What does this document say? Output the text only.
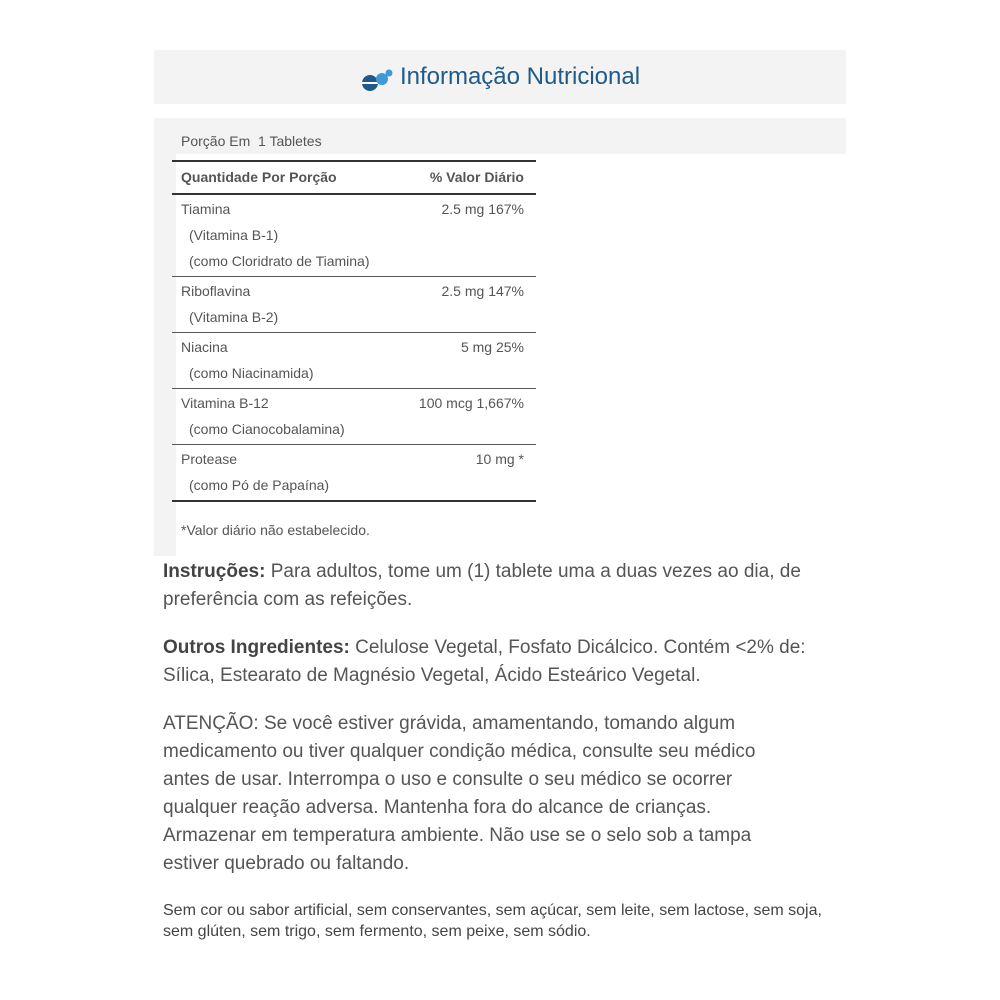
Informação Nutricional
Porção Em  1 Tabletes
Quantidade Por Porção	% Valor Diário
Tiamina	2.5 mg 167%
(Vitamina B-1)
(como Cloridrato de Tiamina)
Riboflavina	2.5 mg 147%
(Vitamina B-2)
Niacina	5 mg 25%
(como Niacinamida)
Vitamina B-12	100 mcg 1,667%
(como Cianocobalamina)
Protease	10 mg *
(como Pó de Papaína)
*Valor diário não estabelecido.

Instruções: Para adultos, tome um (1) tablete uma a duas vezes ao dia, de preferência com as refeições.

Outros Ingredientes: Celulose Vegetal, Fosfato Dicálcico. Contém <2% de: Sílica, Estearato de Magnésio Vegetal, Ácido Esteárico Vegetal.

ATENÇÃO: Se você estiver grávida, amamentando, tomando algum medicamento ou tiver qualquer condição médica, consulte seu médico antes de usar. Interrompa o uso e consulte o seu médico se ocorrer qualquer reação adversa. Mantenha fora do alcance de crianças. Armazenar em temperatura ambiente. Não use se o selo sob a tampa estiver quebrado ou faltando.

Sem cor ou sabor artificial, sem conservantes, sem açúcar, sem leite, sem lactose, sem soja, sem glúten, sem trigo, sem fermento, sem peixe, sem sódio.
